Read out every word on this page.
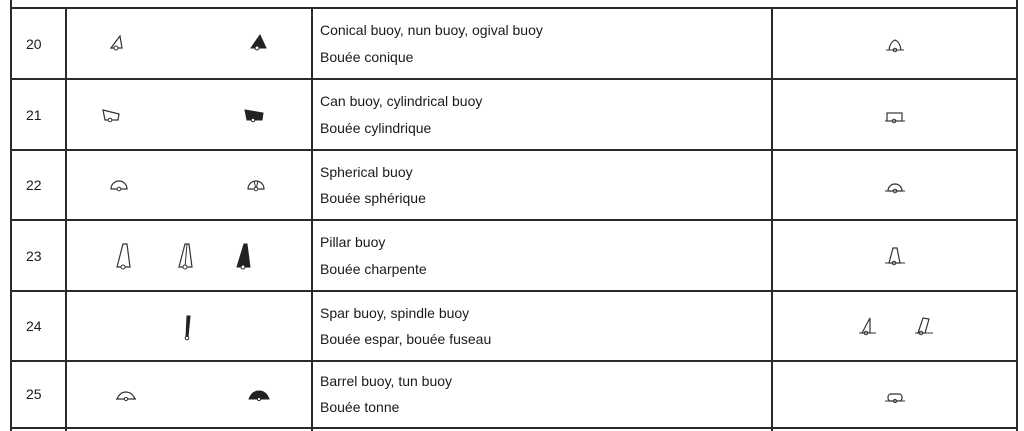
20
Conical buoy, nun buoy, ogival buoy
Bouée conique
21
Can buoy, cylindrical buoy
Bouée cylindrique
22
Spherical buoy
Bouée sphérique
23
Pillar buoy
Bouée charpente
24
Spar buoy, spindle buoy
Bouée espar, bouée fuseau
25
Barrel buoy, tun buoy
Bouée tonne
